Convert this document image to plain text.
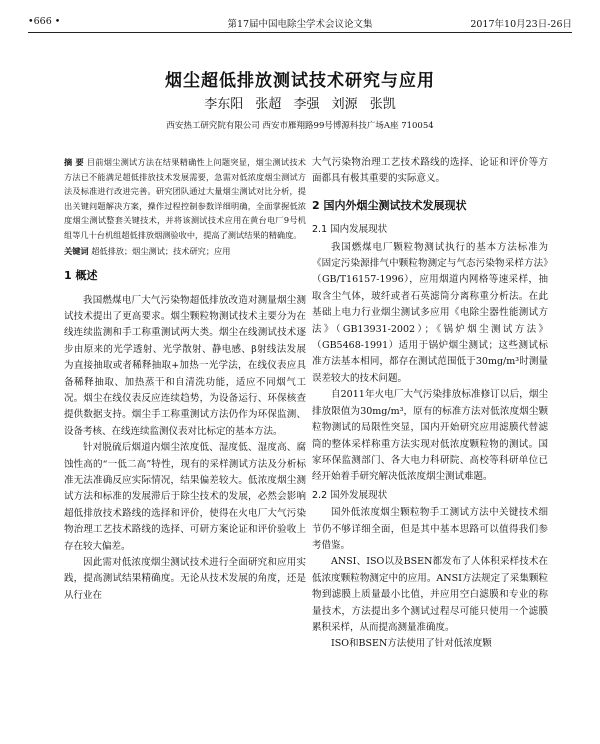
•666 •	第17届中国电除尘学术会议论文集	2017年10月23日-26日
烟尘超低排放测试技术研究与应用
李东阳 张超 李强 刘源 张凯
西安热工研究院有限公司 西安市雁翔路99号博源科技广场A座 710054
摘 要 目前烟尘测试方法在结果精确性上问题突显，烟尘测试技术方法已不能满足超低排放技术发展需要，急需对低浓度烟尘测试方法及标准进行改进完善。研究团队通过大量烟尘测试对比分析，提出关键问题解决方案，操作过程控制参数详细明确，全面掌握低浓度烟尘测试整套关键技术，并将该测试技术应用在黄台电厂9号机组等几十台机组超低排放烟测验收中，提高了测试结果的精确度。
关键词 超低排放；烟尘测试；技术研究；应用
1 概述

我国燃煤电厂大气污染物超低排放改造对测量烟尘测试技术提出了更高要求。烟尘颗粒物测试技术主要分为在线连续监测和手工称重测试两大类。烟尘在线测试技术逐步由原来的光学透射、光学散射、静电感、β射线法发展为直接抽取或者稀释抽取+加热一光学法，在线仪表应具备稀释抽取、加热蒸干和自清洗功能，适应不同烟气工况。烟尘在线仪表反应连续趋势，为设备运行、环保核查提供数据支持。烟尘手工称重测试方法仍作为环保监测、设备考核、在线连续监测仪表对比标定的基本方法。

针对脱硫后烟道内烟尘浓度低、湿度低、湿度高、腐蚀性高的“一低二高”特性，现有的采样测试方法及分析标准无法准确反应实际情况，结果偏差较大。低浓度烟尘测试方法和标准的发展滞后于除尘技术的发展，必然会影响超低排放技术路线的选择和评价，使得在火电厂大气污染物治理工艺技术路线的选择、可研方案论证和评价验收上存在较大偏差。

因此需对低浓度烟尘测试技术进行全面研究和应用实践，提高测试结果精确度。无论从技术发展的角度，还是从行业在

大气污染物治理工艺技术路线的选择、论证和评价等方面都具有极其重要的实际意义。

2 国内外烟尘测试技术发展现状
2.1 国内发展现状

我国燃煤电厂颗粒物测试执行的基本方法标准为《固定污染源排气中颗粒物测定与气态污染物采样方法》（GB/T16157-1996），应用烟道内网格等速采样，抽取含尘气体，玻纤或者石英滤筒分离称重分析法。在此基础上电力行业烟尘测试多应用《电除尘器性能测试方法》（GB13931-2002）；《锅炉烟尘测试方法》（GB5468-1991）适用于锅炉烟尘测试；这些测试标准方法基本相同，都存在测试范围低于30mg/m³时测量误差较大的技术问题。

自2011年火电厂大气污染排放标准修订以后，烟尘排放限值为30mg/m³，原有的标准方法对低浓度烟尘颗粒物测试的局限性突显，国内开始研究应用滤膜代替滤筒的整体采样称重方法实现对低浓度颗粒物的测试。国家环保监测部门、各大电力科研院、高校等科研单位已经开始着手研究解决低浓度烟尘测试难题。

2.2 国外发展现状

国外低浓度烟尘颗粒物手工测试方法中关键技术细节仍不够详细全面，但是其中基本思路可以值得我们参考借鉴。

ANSI、ISO以及BSEN都发布了人体积采样技术在低浓度颗粒物测定中的应用。ANSI方法规定了采集颗粒物到滤膜上质量最小比值，并应用空白滤膜和专业的称量技术，方法提出多个测试过程尽可能只使用一个滤膜累积采样，从而提高测量准确度。

ISO和BSEN方法使用了针对低浓度颗
